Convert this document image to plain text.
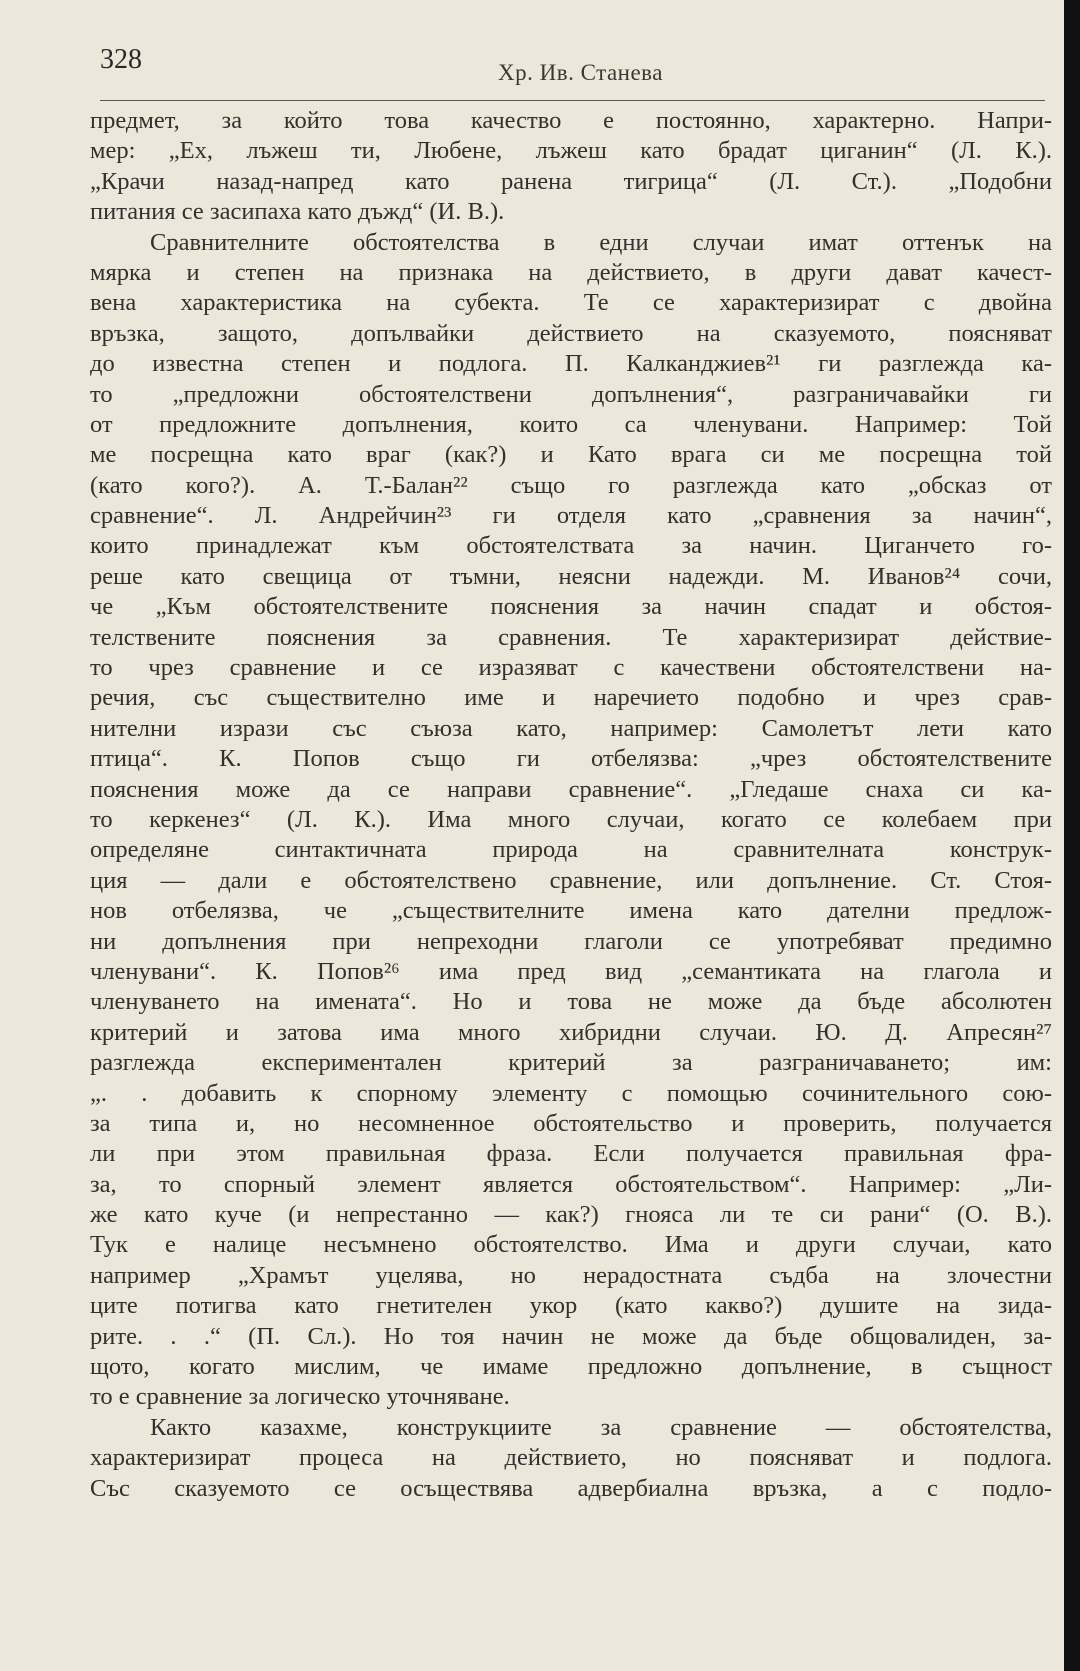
328	Хр. Ив. Станева
предмет, за който това качество е постоянно, характерно. Напри-
мер: „Ех, лъжеш ти, Любене, лъжеш като брадат циганин“ (Л. К.).
„Крачи назад-напред като ранена тигрица“ (Л. Ст.). „Подобни
питания се засипаха като дъжд“ (И. В.).
Сравнителните обстоятелства в едни случаи имат оттенък на
мярка и степен на признака на действието, в други дават качест-
вена характеристика на субекта. Те се характеризират с двойна
връзка, защото, допълвайки действието на сказуемото, поясняват
до известна степен и подлога. П. Калканджиев²¹ ги разглежда ка-
то „предложни обстоятелствени допълнения“, разграничавайки ги
от предложните допълнения, които са членувани. Например: Той
ме посрещна като враг (как?) и Като врага си ме посрещна той
(като кого?). А. Т.-Балан²² също го разглежда като „обсказ от
сравнение“. Л. Андрейчин²³ ги отделя като „сравнения за начин“,
които принадлежат към обстоятелствата за начин. Циганчето го-
реше като свещица от тъмни, неясни надежди. М. Иванов²⁴ сочи,
че „Към обстоятелствените пояснения за начин спадат и обстоя-
телствените пояснения за сравнения. Те характеризират действие-
то чрез сравнение и се изразяват с качествени обстоятелствени на-
речия, със съществително име и наречието подобно и чрез срав-
нителни изрази със съюза като, например: Самолетът лети като
птица“. К. Попов също ги отбелязва: „чрез обстоятелствените
пояснения може да се направи сравнение“. „Гледаше снаха си ка-
то керкенез“ (Л. К.). Има много случаи, когато се колебаем при
определяне синтактичната природа на сравнителната конструк-
ция — дали е обстоятелствено сравнение, или допълнение. Ст. Стоя-
нов отбелязва, че „съществителните имена като дателни предлож-
ни допълнения при непреходни глаголи се употребяват предимно
членувани“. К. Попов²⁶ има пред вид „семантиката на глагола и
членуването на имената“. Но и това не може да бъде абсолютен
критерий и затова има много хибридни случаи. Ю. Д. Апресян²⁷
разглежда експериментален критерий за разграничаването; им:
„. . добавить к спорному элементу с помощью сочинительного сою-
за типа и, но несомненное обстоятельство и проверить, получается
ли при этом правильная фраза. Если получается правильная фра-
за, то спорный элемент является обстоятельством“. Например: „Ли-
же като куче (и непрестанно — как?) гнояса ли те си рани“ (О. В.).
Тук е налице несъмнено обстоятелство. Има и други случаи, като
например „Храмът уцелява, но нерадостната съдба на злочестни
ците потигва като гнетителен укор (като какво?) душите на зида-
рите. . .“ (П. Сл.). Но тоя начин не може да бъде общовалиден, за-
щото, когато мислим, че имаме предложно допълнение, в същност
то е сравнение за логическо уточняване.
Както казахме, конструкциите за сравнение — обстоятелства,
характеризират процеса на действието, но поясняват и подлога.
Със сказуемото се осъществява адвербиална връзка, а с подло-
